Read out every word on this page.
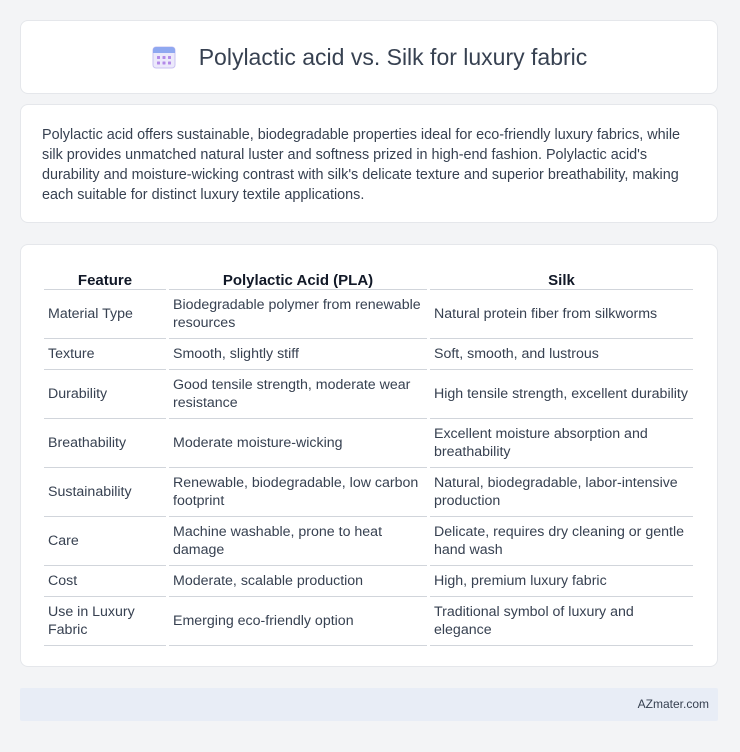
Polylactic acid vs. Silk for luxury fabric

Polylactic acid offers sustainable, biodegradable properties ideal for eco-friendly luxury fabrics, while silk provides unmatched natural luster and softness prized in high-end fashion. Polylactic acid's durability and moisture-wicking contrast with silk's delicate texture and superior breathability, making each suitable for distinct luxury textile applications.

Feature	Polylactic Acid (PLA)	Silk
Material Type	Biodegradable polymer from renewable resources	Natural protein fiber from silkworms
Texture	Smooth, slightly stiff	Soft, smooth, and lustrous
Durability	Good tensile strength, moderate wear resistance	High tensile strength, excellent durability
Breathability	Moderate moisture-wicking	Excellent moisture absorption and breathability
Sustainability	Renewable, biodegradable, low carbon footprint	Natural, biodegradable, labor-intensive production
Care	Machine washable, prone to heat damage	Delicate, requires dry cleaning or gentle hand wash
Cost	Moderate, scalable production	High, premium luxury fabric
Use in Luxury Fabric	Emerging eco-friendly option	Traditional symbol of luxury and elegance
AZmater.com
